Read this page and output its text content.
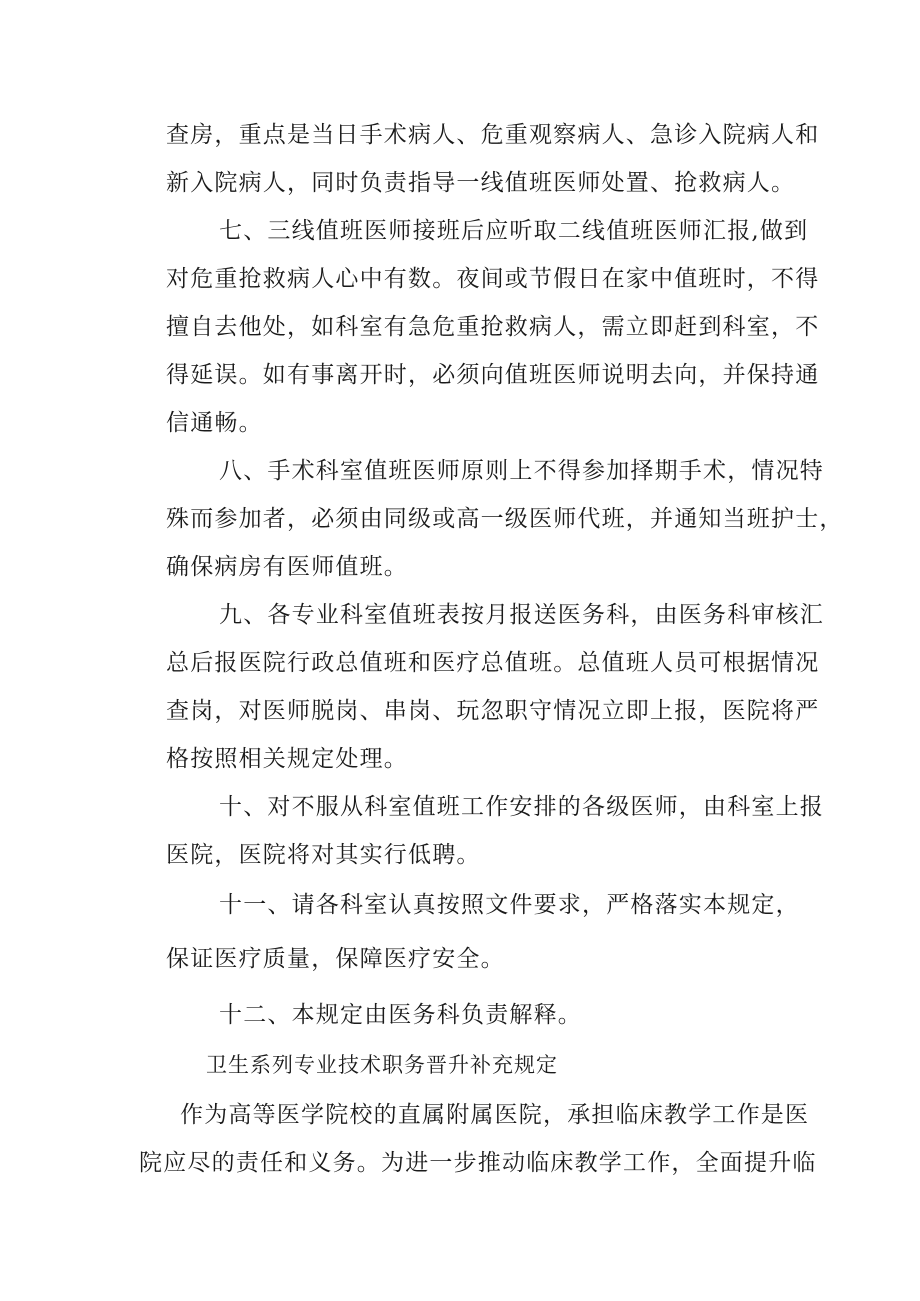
查房，重点是当日手术病人、危重观察病人、急诊入院病人和
新入院病人，同时负责指导一线值班医师处置、抢救病人。
七、三线值班医师接班后应听取二线值班医师汇报,做到
对危重抢救病人心中有数。夜间或节假日在家中值班时，不得
擅自去他处，如科室有急危重抢救病人，需立即赶到科室，不
得延误。如有事离开时，必须向值班医师说明去向，并保持通
信通畅。
八、手术科室值班医师原则上不得参加择期手术，情况特
殊而参加者，必须由同级或高一级医师代班，并通知当班护士，
确保病房有医师值班。
九、各专业科室值班表按月报送医务科，由医务科审核汇
总后报医院行政总值班和医疗总值班。总值班人员可根据情况
查岗，对医师脱岗、串岗、玩忽职守情况立即上报，医院将严
格按照相关规定处理。
十、对不服从科室值班工作安排的各级医师，由科室上报
医院，医院将对其实行低聘。
十一、请各科室认真按照文件要求，严格落实本规定，
保证医疗质量，保障医疗安全。
十二、本规定由医务科负责解释。
卫生系列专业技术职务晋升补充规定
作为高等医学院校的直属附属医院，承担临床教学工作是医
院应尽的责任和义务。为进一步推动临床教学工作，全面提升临
